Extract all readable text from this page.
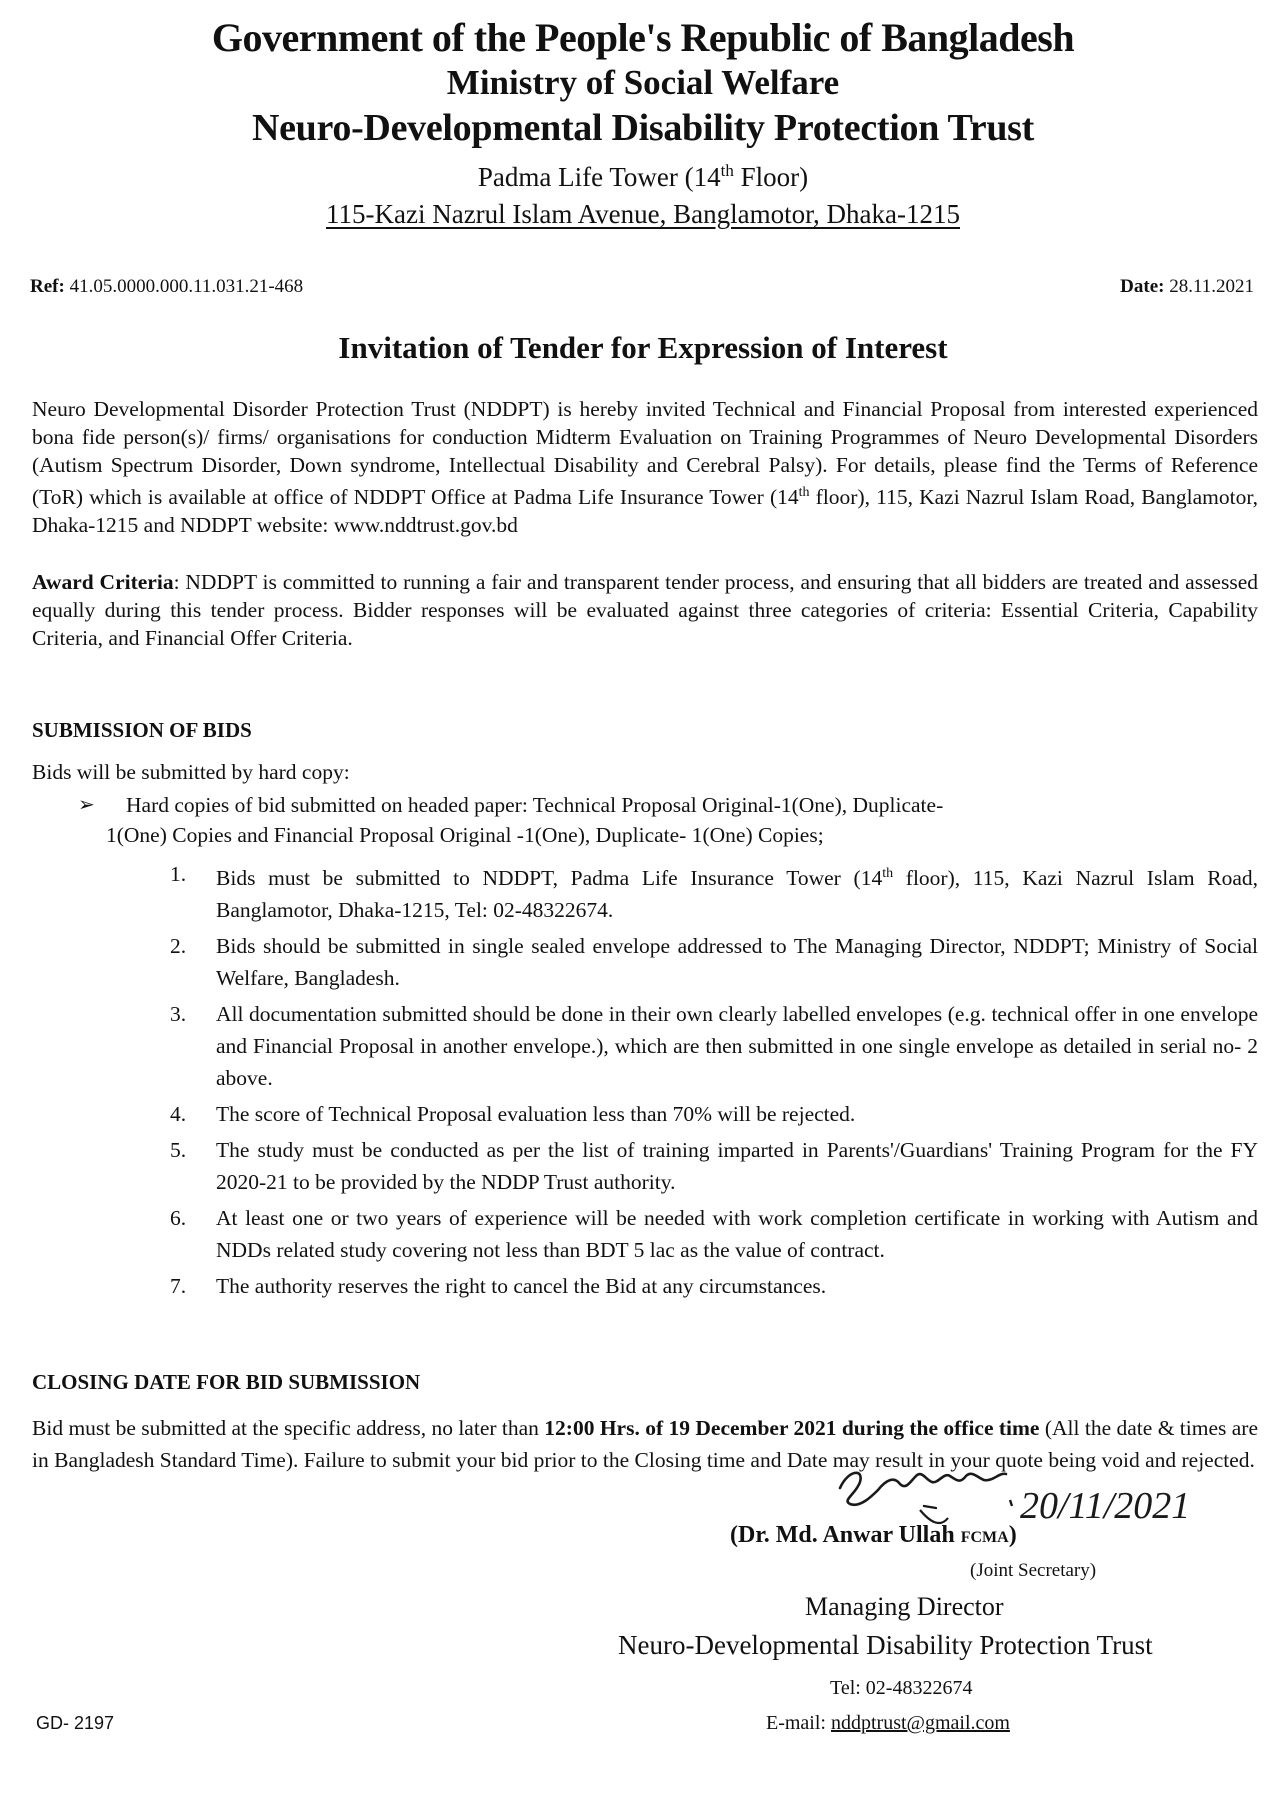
Government of the People's Republic of Bangladesh
Ministry of Social Welfare
Neuro-Developmental Disability Protection Trust
Padma Life Tower (14th Floor)
115-Kazi Nazrul Islam Avenue, Banglamotor, Dhaka-1215
Ref: 41.05.0000.000.11.031.21-468	Date: 28.11.2021
Invitation of Tender for Expression of Interest
Neuro Developmental Disorder Protection Trust (NDDPT) is hereby invited Technical and Financial Proposal from interested experienced bona fide person(s)/ firms/ organisations for conduction Midterm Evaluation on Training Programmes of Neuro Developmental Disorders (Autism Spectrum Disorder, Down syndrome, Intellectual Disability and Cerebral Palsy). For details, please find the Terms of Reference (ToR) which is available at office of NDDPT Office at Padma Life Insurance Tower (14th floor), 115, Kazi Nazrul Islam Road, Banglamotor, Dhaka-1215 and NDDPT website: www.nddtrust.gov.bd
Award Criteria: NDDPT is committed to running a fair and transparent tender process, and ensuring that all bidders are treated and assessed equally during this tender process. Bidder responses will be evaluated against three categories of criteria: Essential Criteria, Capability Criteria, and Financial Offer Criteria.
SUBMISSION OF BIDS
Bids will be submitted by hard copy:
➢ Hard copies of bid submitted on headed paper: Technical Proposal Original-1(One), Duplicate-
1(One) Copies and Financial Proposal Original -1(One), Duplicate- 1(One) Copies;
1. Bids must be submitted to NDDPT, Padma Life Insurance Tower (14th floor), 115, Kazi Nazrul Islam Road, Banglamotor, Dhaka-1215, Tel: 02-48322674.
2. Bids should be submitted in single sealed envelope addressed to The Managing Director, NDDPT; Ministry of Social Welfare, Bangladesh.
3. All documentation submitted should be done in their own clearly labelled envelopes (e.g. technical offer in one envelope and Financial Proposal in another envelope.), which are then submitted in one single envelope as detailed in serial no- 2 above.
4. The score of Technical Proposal evaluation less than 70% will be rejected.
5. The study must be conducted as per the list of training imparted in Parents'/Guardians' Training Program for the FY 2020-21 to be provided by the NDDP Trust authority.
6. At least one or two years of experience will be needed with work completion certificate in working with Autism and NDDs related study covering not less than BDT 5 lac as the value of contract.
7. The authority reserves the right to cancel the Bid at any circumstances.
CLOSING DATE FOR BID SUBMISSION
Bid must be submitted at the specific address, no later than 12:00 Hrs. of 19 December 2021 during the office time (All the date & times are in Bangladesh Standard Time). Failure to submit your bid prior to the Closing time and Date may result in your quote being void and rejected.
20/11/2021
(Dr. Md. Anwar Ullah FCMA)
(Joint Secretary)
Managing Director
Neuro-Developmental Disability Protection Trust
Tel: 02-48322674
E-mail: nddptrust@gmail.com
GD- 2197
